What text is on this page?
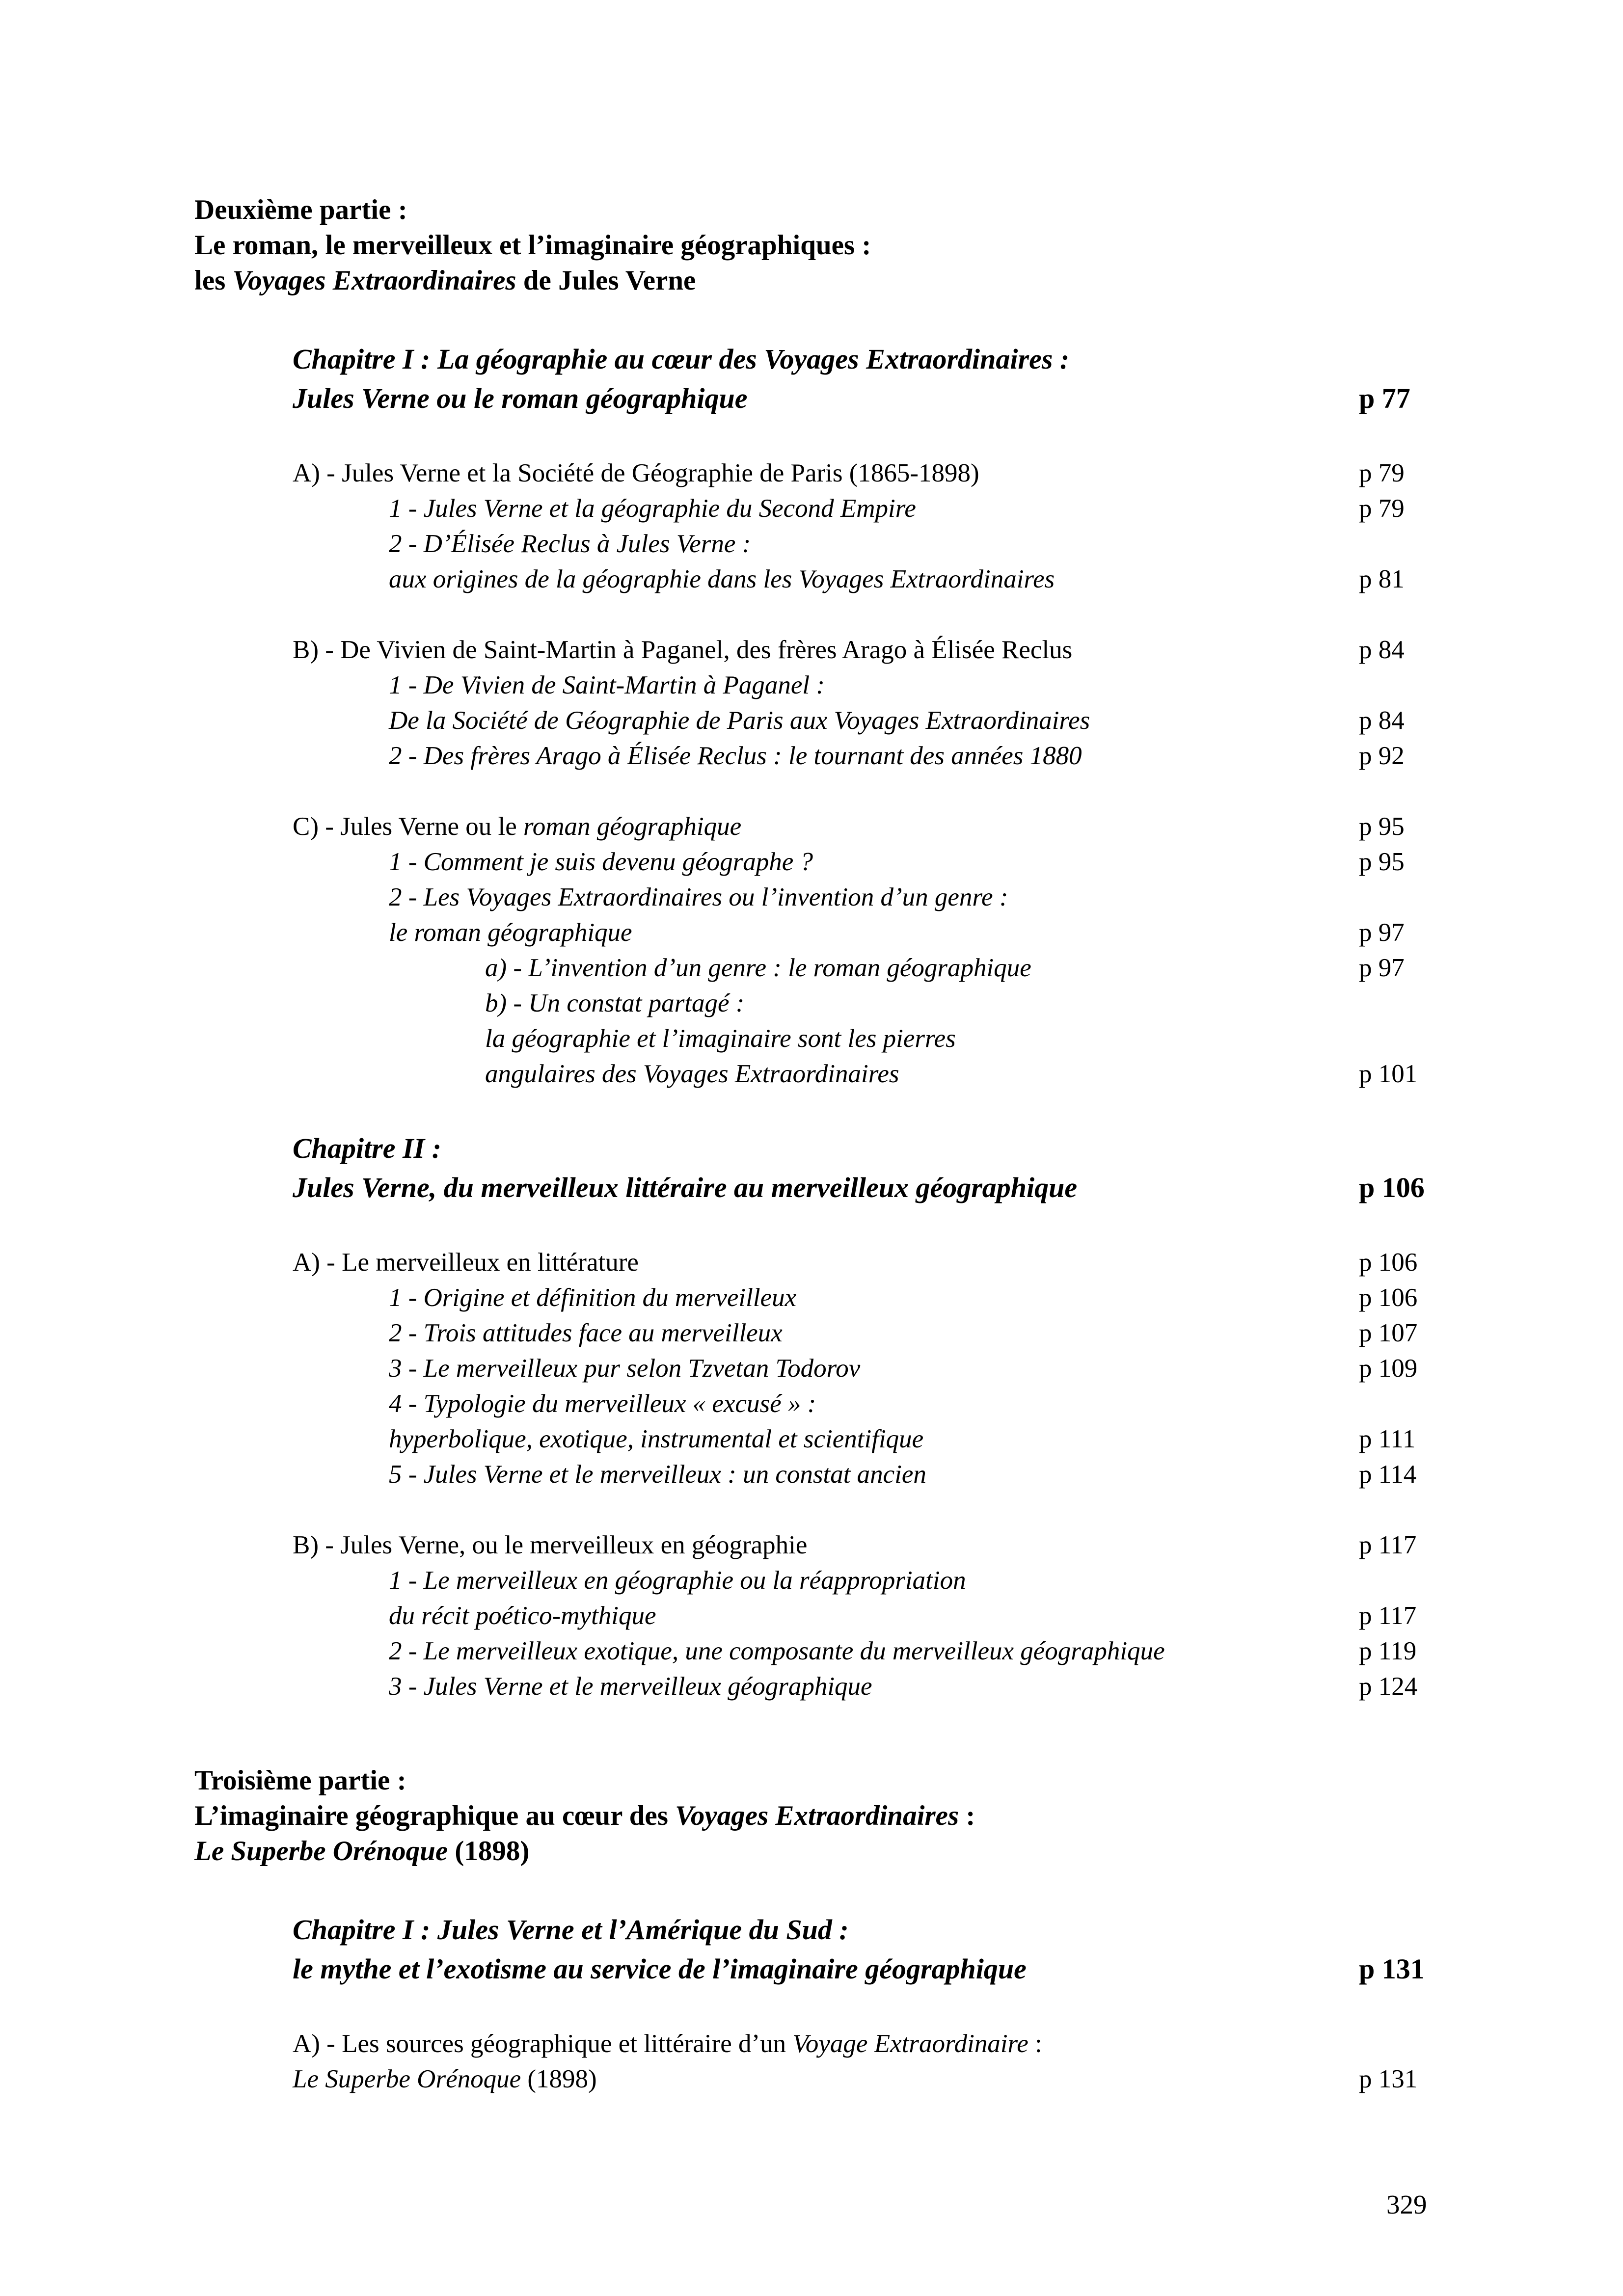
Deuxième partie :
Le roman, le merveilleux et l’imaginaire géographiques :
les Voyages Extraordinaires de Jules Verne
Troisième partie :
L’imaginaire géographique au cœur des Voyages Extraordinaires :
Le Superbe Orénoque (1898)
Chapitre I : La géographie au cœur des Voyages Extraordinaires :
Jules Verne ou le roman géographique	p 77
A) - Jules Verne et la Société de Géographie de Paris (1865-1898)	p 79
1 - Jules Verne et la géographie du Second Empire	p 79
2 - D’Élisée Reclus à Jules Verne :
aux origines de la géographie dans les Voyages Extraordinaires	p 81
B) - De Vivien de Saint-Martin à Paganel, des frères Arago à Élisée Reclus	p 84
1 - De Vivien de Saint-Martin à Paganel :
De la Société de Géographie de Paris aux Voyages Extraordinaires	p 84
2 - Des frères Arago à Élisée Reclus : le tournant des années 1880	p 92
C) - Jules Verne ou le roman géographique	p 95
1 - Comment je suis devenu géographe ?	p 95
2 - Les Voyages Extraordinaires ou l’invention d’un genre :
le roman géographique	p 97
a) - L’invention d’un genre : le roman géographique	p 97
b) - Un constat partagé :
la géographie et l’imaginaire sont les pierres
angulaires des Voyages Extraordinaires	p 101
Chapitre II :
Jules Verne, du merveilleux littéraire au merveilleux géographique	p 106
A) - Le merveilleux en littérature	p 106
1 - Origine et définition du merveilleux	p 106
2 - Trois attitudes face au merveilleux	p 107
3 - Le merveilleux pur selon Tzvetan Todorov	p 109
4 - Typologie du merveilleux « excusé » :
hyperbolique, exotique, instrumental et scientifique	p 111
5 - Jules Verne et le merveilleux : un constat ancien	p 114
B) - Jules Verne, ou le merveilleux en géographie	p 117
1 - Le merveilleux en géographie ou la réappropriation
du récit poético-mythique	p 117
2 - Le merveilleux exotique, une composante du merveilleux géographique	p 119
3 - Jules Verne et le merveilleux géographique	p 124
Chapitre I : Jules Verne et l’Amérique du Sud :
le mythe et l’exotisme au service de l’imaginaire géographique	p 131
A) - Les sources géographique et littéraire d’un Voyage Extraordinaire :
Le Superbe Orénoque (1898)	p 131
329
